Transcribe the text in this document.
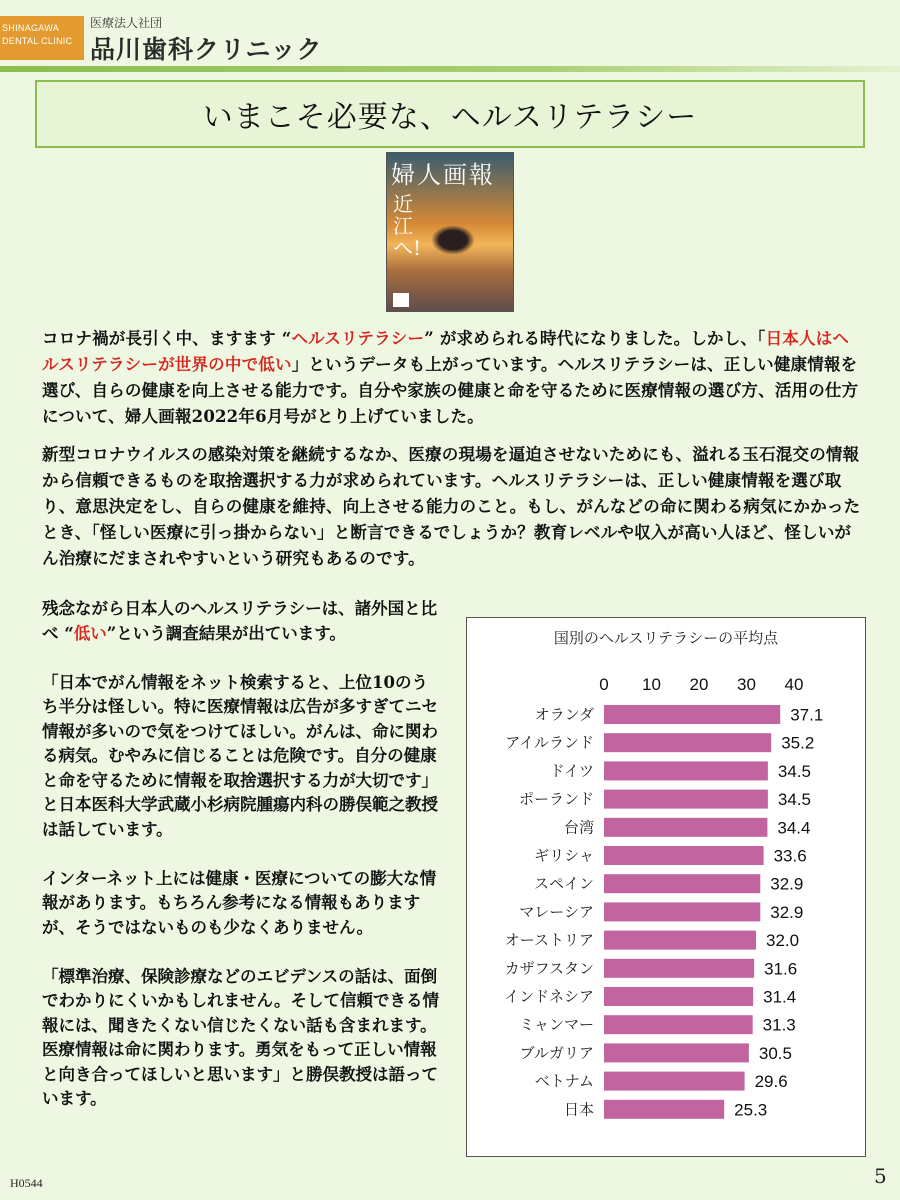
SHINAGAWA
DENTAL CLINIC
医療法人社団
品川歯科クリニック
いまこそ必要な、ヘルスリテラシー
婦人画報
近江へ!
コロナ禍が長引く中、ますます “ヘルスリテラシー” が求められる時代になりました。しかし、「日本人はヘルスリテラシーが世界の中で低い」というデータも上がっています。ヘルスリテラシーは、正しい健康情報を選び、自らの健康を向上させる能力です。自分や家族の健康と命を守るために医療情報の選び方、活用の仕方について、婦人画報2022年6月号がとり上げていました。
新型コロナウイルスの感染対策を継続するなか、医療の現場を逼迫させないためにも、溢れる玉石混交の情報から信頼できるものを取捨選択する力が求められています。ヘルスリテラシーは、正しい健康情報を選び取り、意思決定をし、自らの健康を維持、向上させる能力のこと。もし、がんなどの命に関わる病気にかかったとき、「怪しい医療に引っ掛からない」と断言できるでしょうか？教育レベルや収入が高い人ほど、怪しいがん治療にだまされやすいという研究もあるのです。

残念ながら日本人のヘルスリテラシーは、諸外国と比べ “低い”という調査結果が出ています。

「日本でがん情報をネット検索すると、上位10のうち半分は怪しい。特に医療情報は広告が多すぎてニセ情報が多いので気をつけてほしい。がんは、命に関わる病気。むやみに信じることは危険です。自分の健康と命を守るために情報を取捨選択する力が大切です」と日本医科大学武蔵小杉病院腫瘍内科の勝俣範之教授は話しています。

インターネット上には健康・医療についての膨大な情報があります。もちろん参考になる情報もありますが、そうではないものも少なくありません。

「標準治療、保険診療などのエビデンスの話は、面倒でわかりにくいかもしれません。そして信頼できる情報には、聞きたくない信じたくない話も含まれます。医療情報は命に関わります。勇気をもって正しい情報と向き合ってほしいと思います」と勝俣教授は語っています。

国別のヘルスリテラシーの平均点
0 10 20 30 40
オランダ	37.1
アイルランド	35.2
ドイツ	34.5
ポーランド	34.5
台湾	34.4
ギリシャ	33.6
スペイン	32.9
マレーシア	32.9
オーストリア	32.0
カザフスタン	31.6
インドネシア	31.4
ミャンマー	31.3
ブルガリア	30.5
ベトナム	29.6
日本	25.3
H0544	5
